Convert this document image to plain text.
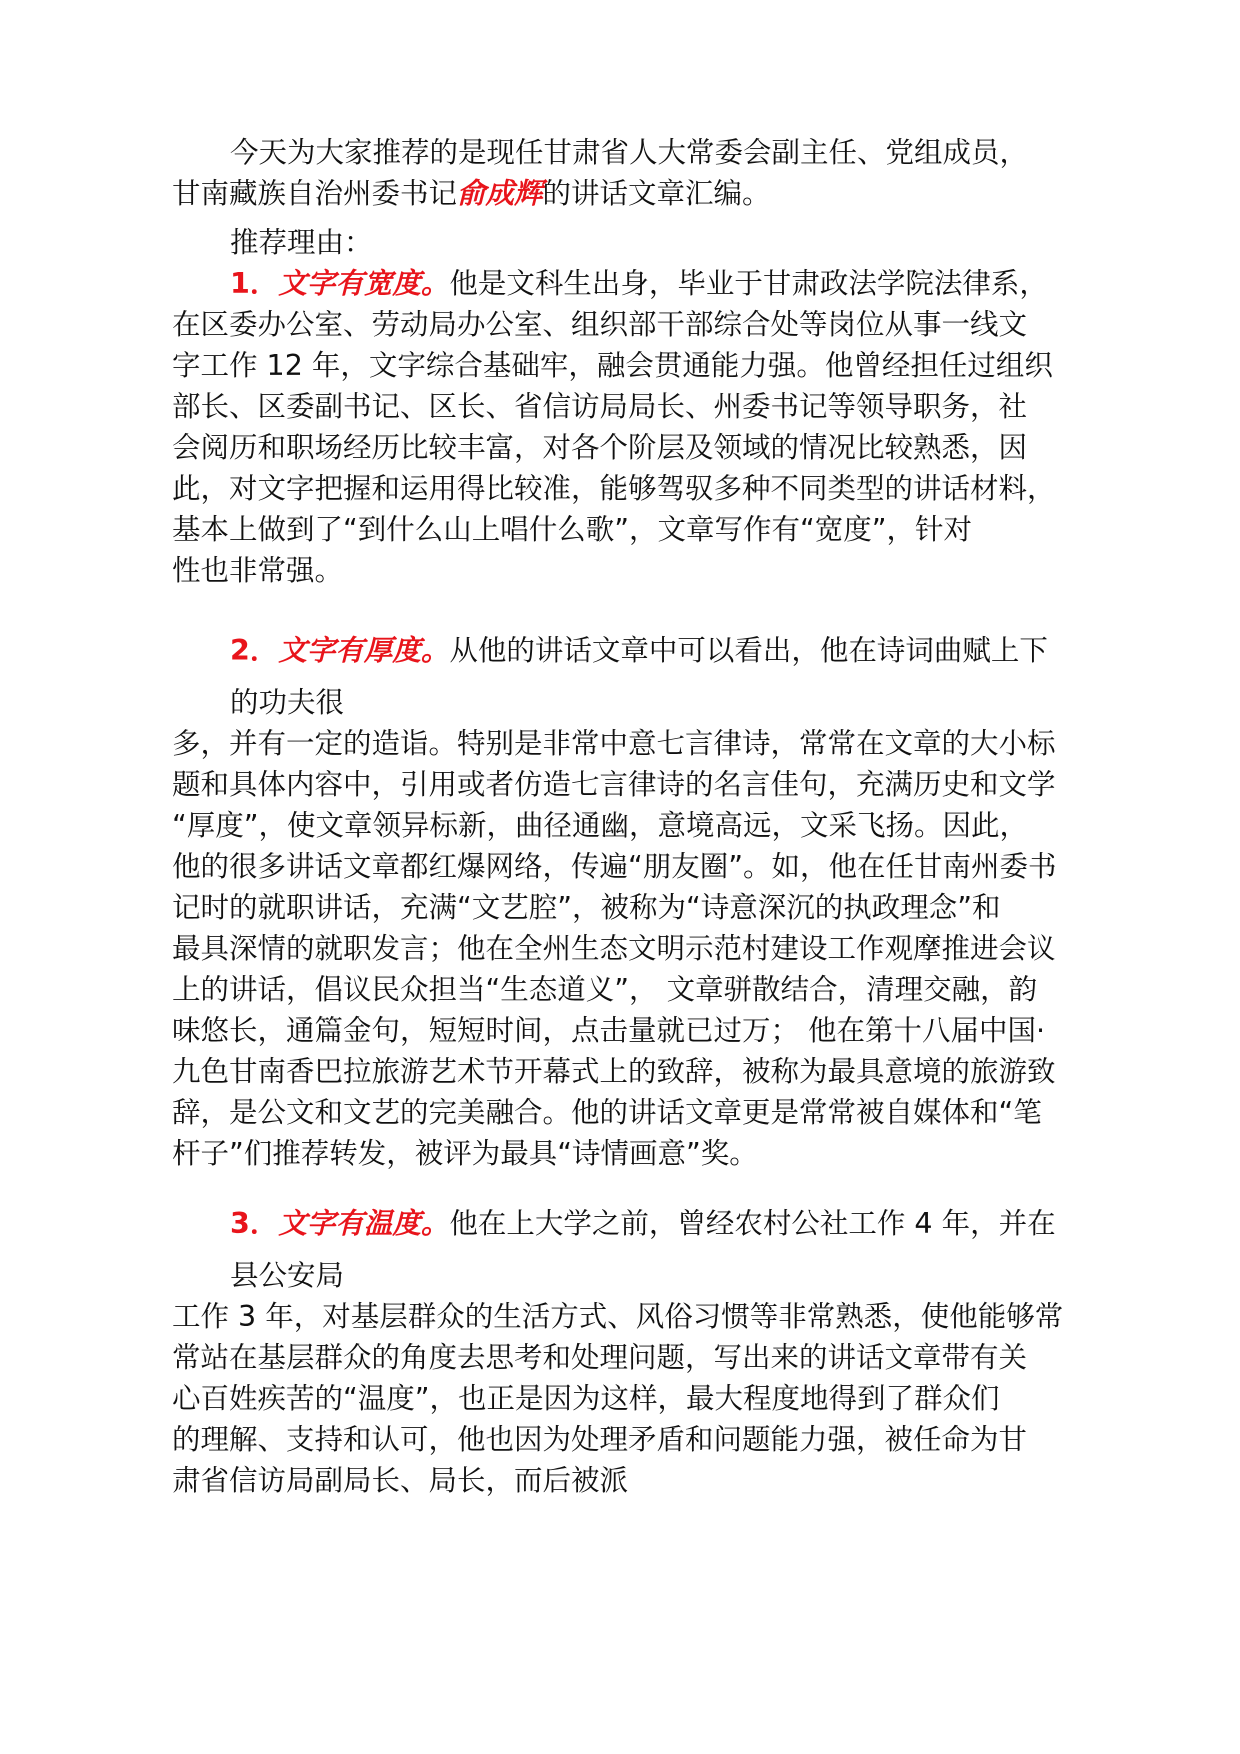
今天为大家推荐的是现任甘肃省人大常委会副主任、党组成员，
甘南藏族自治州委书记俞成辉的讲话文章汇编。
推荐理由：
1．文字有宽度。他是文科生出身，毕业于甘肃政法学院法律系，
在区委办公室、劳动局办公室、组织部干部综合处等岗位从事一线文
字工作 12 年，文字综合基础牢，融会贯通能力强。他曾经担任过组织
部长、区委副书记、区长、省信访局局长、州委书记等领导职务，社
会阅历和职场经历比较丰富，对各个阶层及领域的情况比较熟悉，因
此，对文字把握和运用得比较准，能够驾驭多种不同类型的讲话材料，
基本上做到了“到什么山上唱什么歌”，文章写作有“宽度”，针对
性也非常强。
2．文字有厚度。从他的讲话文章中可以看出，他在诗词曲赋上下
的功夫很
多，并有一定的造诣。特别是非常中意七言律诗，常常在文章的大小标
题和具体内容中，引用或者仿造七言律诗的名言佳句，充满历史和文学
“厚度”，使文章领异标新，曲径通幽，意境高远，文采飞扬。因此，
他的很多讲话文章都红爆网络，传遍“朋友圈”。如，他在任甘南州委书
记时的就职讲话，充满“文艺腔”，被称为“诗意深沉的执政理念”和
最具深情的就职发言；他在全州生态文明示范村建设工作观摩推进会议
上的讲话，倡议民众担当“生态道义”， 文章骈散结合，清理交融，韵
味悠长，通篇金句，短短时间，点击量就已过万； 他在第十八届中国·
九色甘南香巴拉旅游艺术节开幕式上的致辞，被称为最具意境的旅游致
辞，是公文和文艺的完美融合。他的讲话文章更是常常被自媒体和“笔
杆子”们推荐转发，被评为最具“诗情画意”奖。
3．文字有温度。他在上大学之前，曾经农村公社工作 4 年，并在
县公安局
工作 3 年，对基层群众的生活方式、风俗习惯等非常熟悉，使他能够常
常站在基层群众的角度去思考和处理问题，写出来的讲话文章带有关
心百姓疾苦的“温度”，也正是因为这样，最大程度地得到了群众们
的理解、支持和认可，他也因为处理矛盾和问题能力强，被任命为甘
肃省信访局副局长、局长，而后被派
